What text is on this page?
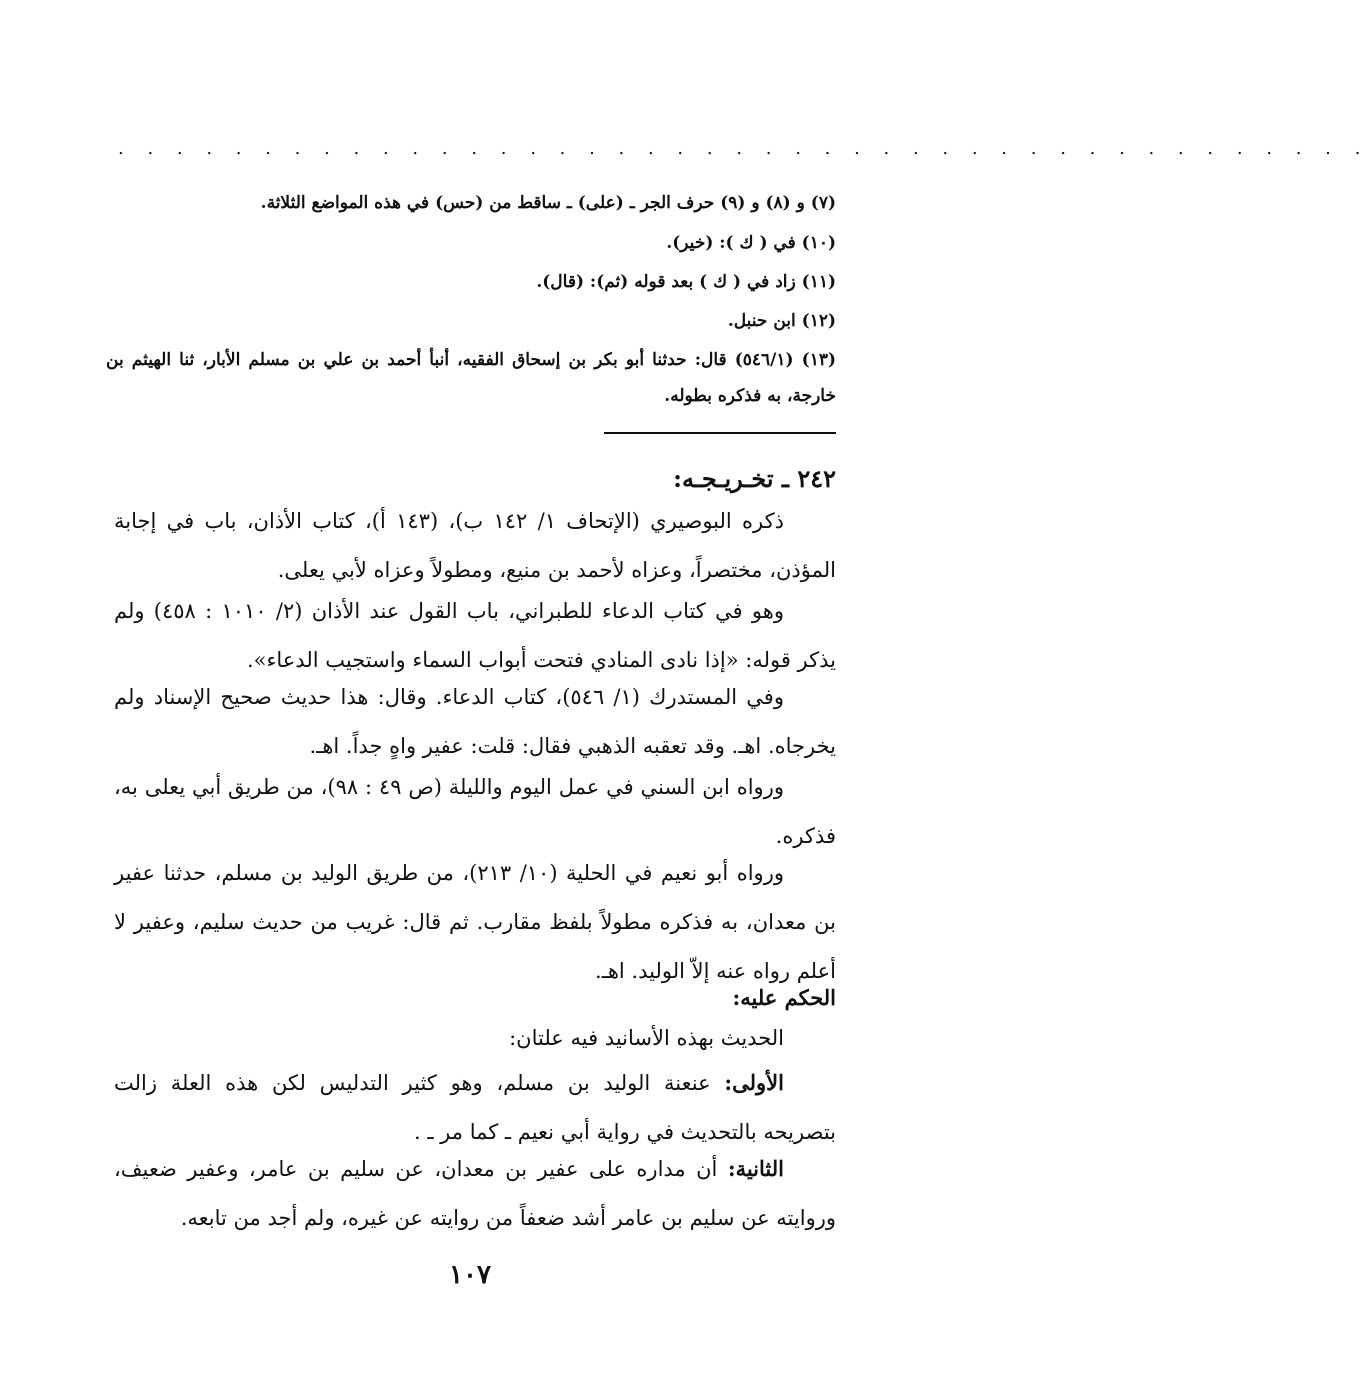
. . . . . . . . . . . . . . . . . . . . . . . . . . . . . . . . . . . . . . . . . . .
(٧) و (٨) و (٩) حرف الجر ـ (على) ـ ساقط من (حس) في هذه المواضع الثلاثة.
(١٠) في ( ك ): (خير).
(١١) زاد في ( ك ) بعد قوله (ثم): (قال).
(١٢) ابن حنبل.
(١٣) (٥٤٦/١) قال: حدثنا أبو بكر بن إسحاق الفقيه، أنبأ أحمد بن علي بن مسلم الأبار، ثنا الهيثم بن خارجة، به فذكره بطوله.
٢٤٢ ـ تخـريـجـه:
ذكره البوصيري (الإتحاف ١/ ١٤٢ ب)، (١٤٣ أ)، كتاب الأذان، باب في إجابة المؤذن، مختصراً، وعزاه لأحمد بن منيع، ومطولاً وعزاه لأبي يعلى.
وهو في كتاب الدعاء للطبراني، باب القول عند الأذان (٢/ ١٠١٠ : ٤٥٨) ولم يذكر قوله: «إذا نادى المنادي فتحت أبواب السماء واستجيب الدعاء».
وفي المستدرك (١/ ٥٤٦)، كتاب الدعاء. وقال: هذا حديث صحيح الإسناد ولم يخرجاه. اهـ. وقد تعقبه الذهبي فقال: قلت: عفير واهٍ جداً. اهـ.
ورواه ابن السني في عمل اليوم والليلة (ص ٤٩ : ٩٨)، من طريق أبي يعلى به، فذكره.
ورواه أبو نعيم في الحلية (١٠/ ٢١٣)، من طريق الوليد بن مسلم، حدثنا عفير بن معدان، به فذكره مطولاً بلفظ مقارب. ثم قال: غريب من حديث سليم، وعفير لا أعلم رواه عنه إلاّ الوليد. اهـ.
الحكم عليه:
الحديث بهذه الأسانيد فيه علتان:
الأولى: عنعنة الوليد بن مسلم، وهو كثير التدليس لكن هذه العلة زالت بتصريحه بالتحديث في رواية أبي نعيم ـ كما مر ـ .
الثانية: أن مداره على عفير بن معدان، عن سليم بن عامر، وعفير ضعيف، وروايته عن سليم بن عامر أشد ضعفاً من روايته عن غيره، ولم أجد من تابعه.
١٠٧
